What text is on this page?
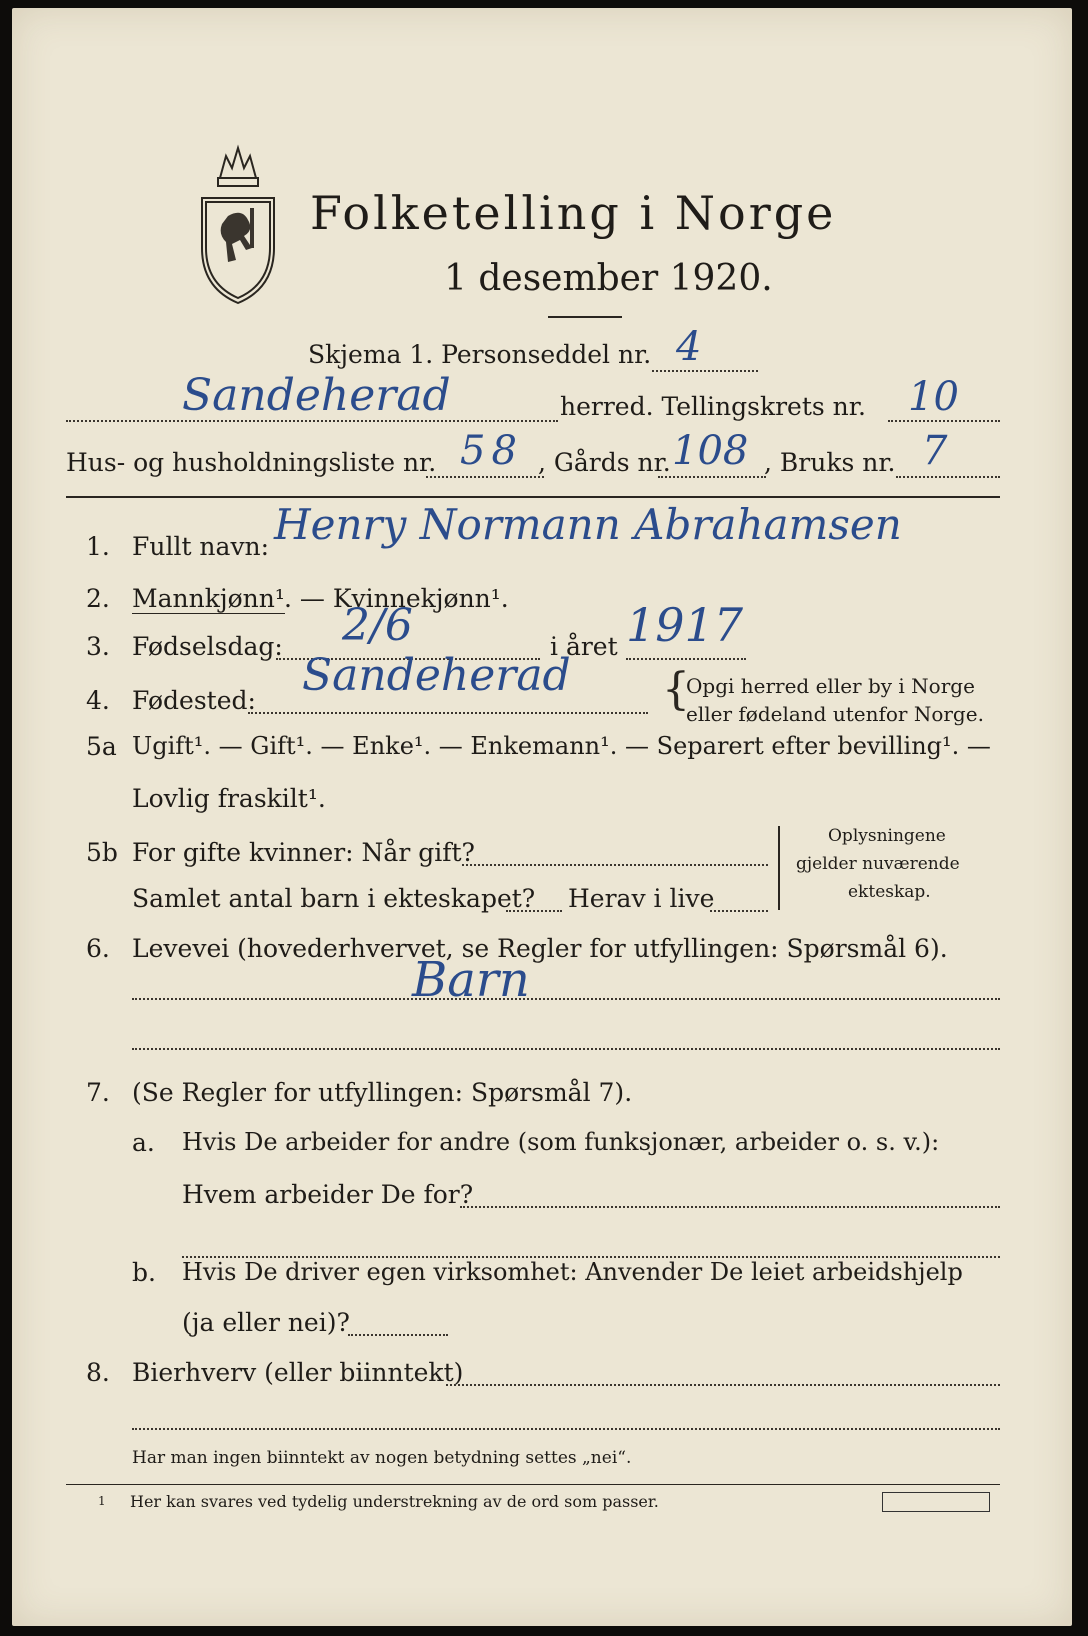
Folketelling i Norge
1 desember 1920.
Skjema 1. Personseddel nr. 4
Sandeherad	herred. Tellingskrets nr. 10
Hus- og husholdningsliste nr. 58 , Gårds nr. 108 , Bruks nr. 7
1. Fullt navn: Henry Normann Abrahamsen
2. Mannkjønn¹ . — Kvinnekjønn¹.
3. Fødselsdag: 2/6	i året 1917
4. Fødested: Sandeherad {
Opgi herred eller by i Norge
eller fødeland utenfor Norge.
5a Ugift¹. — Gift¹. — Enke¹. — Enkemann¹. — Separert efter bevilling¹. —
Lovlig fraskilt¹.
5b For gifte kvinner: Når gift?
Samlet antal barn i ekteskapet? Herav i live
Oplysningene
gjelder nuværende
ekteskap.
6. Levevei (hovederhvervet, se Regler for utfyllingen: Spørsmål 6).
Barn
7. (Se Regler for utfyllingen: Spørsmål 7).
a. Hvis De arbeider for andre (som funksjonær, arbeider o. s. v.):
Hvem arbeider De for?
b. Hvis De driver egen virksomhet: Anvender De leiet arbeidshjelp
(ja eller nei)?
8. Bierhverv (eller biinntekt)
Har man ingen biinntekt av nogen betydning settes „nei“.
1 Her kan svares ved tydelig understrekning av de ord som passer.
